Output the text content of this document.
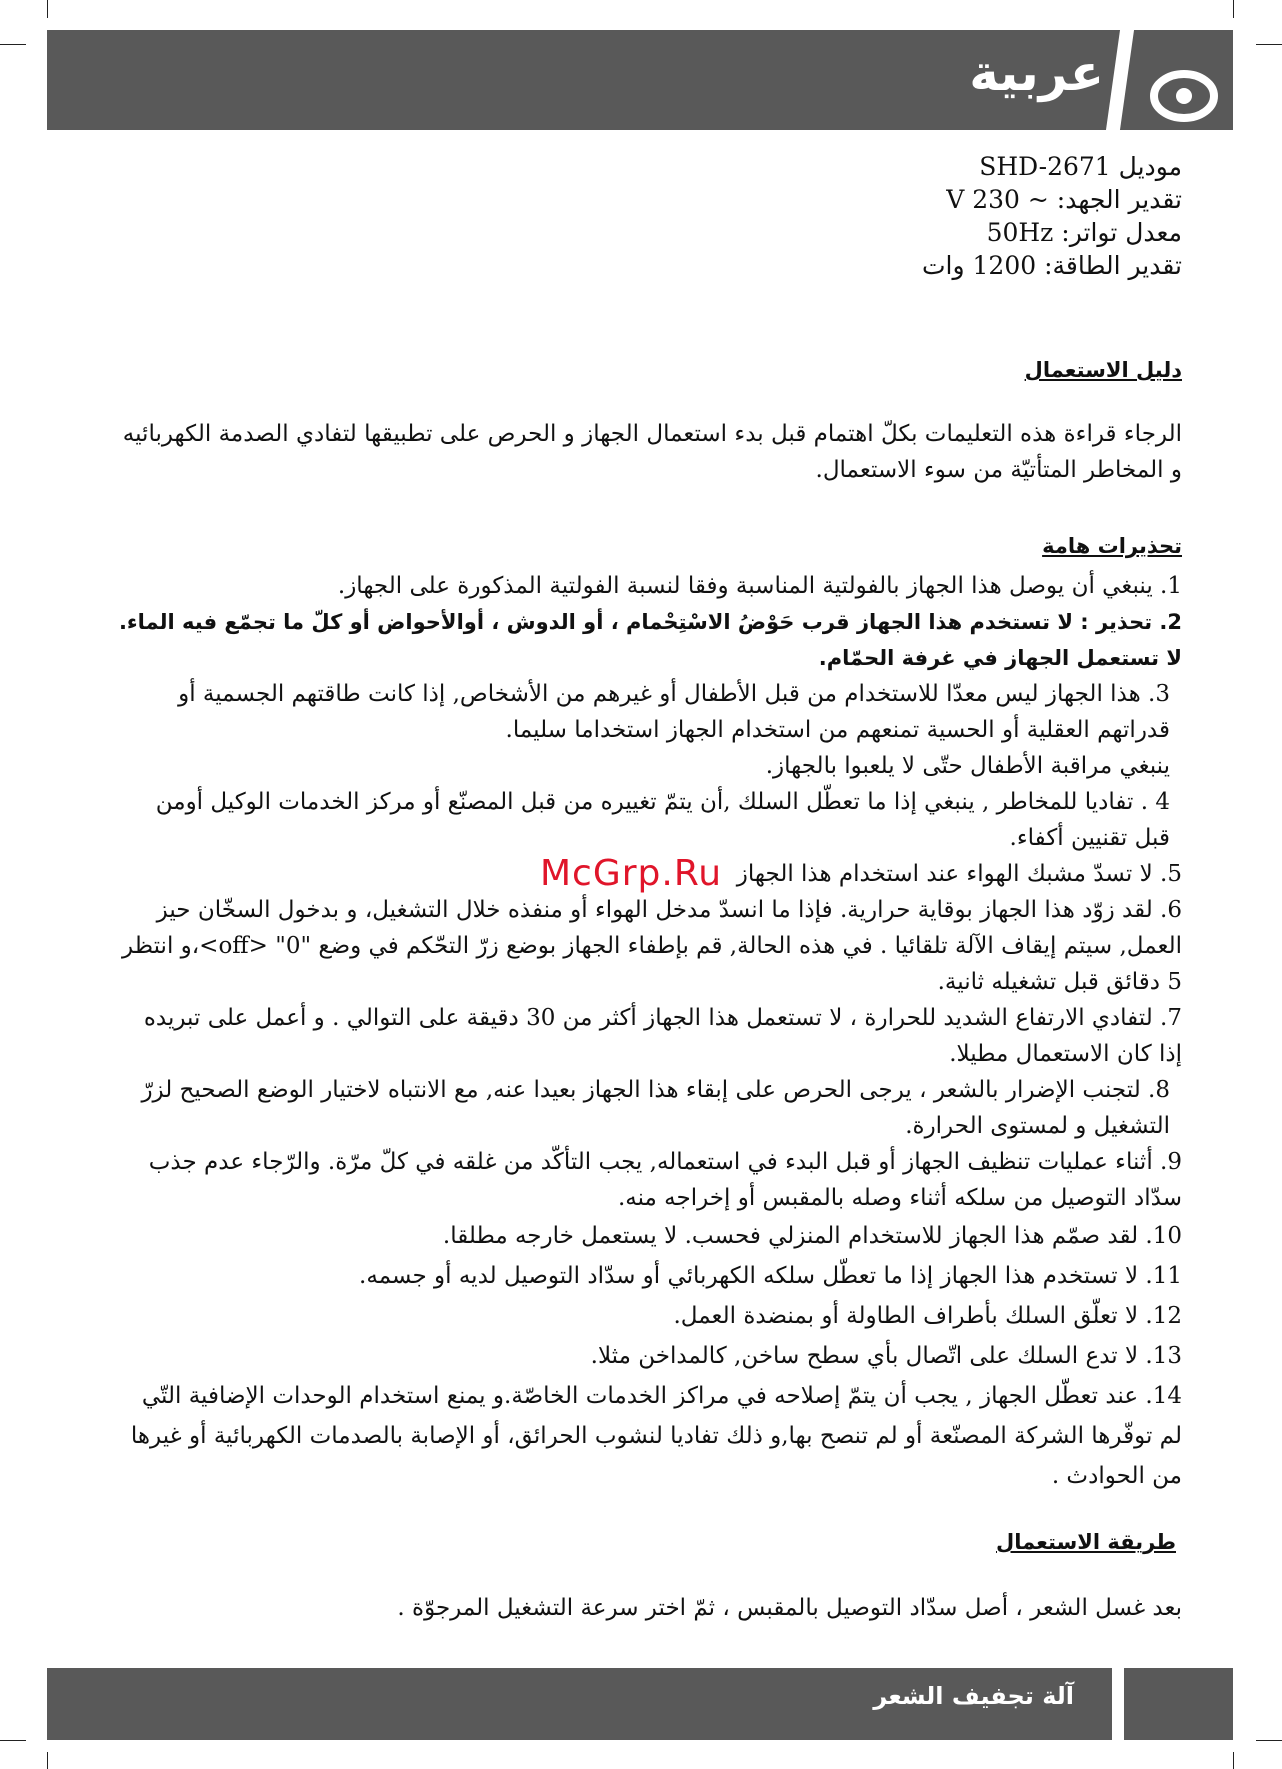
عربية
موديل SHD-2671
تقدير الجهد: ~ 230 V
معدل تواتر: 50Hz
تقدير الطاقة: 1200 وات

دليل الاستعمال

الرجاء قراءة هذه التعليمات بكلّ اهتمام قبل بدء استعمال الجهاز و الحرص على تطبيقها لتفادي الصدمة الكهربائيه و المخاطر المتأتيّة من سوء الاستعمال.

تحذيرات هامة

1. ينبغي أن يوصل هذا الجهاز بالفولتية المناسبة وفقا لنسبة الفولتية المذكورة على الجهاز.

2. تحذير : لا تستخدم هذا الجهاز قرب حَوْضُ الاسْتِحْمام ، أو الدوش ، أوالأحواض أو كلّ ما تجمّع فيه الماء. لا تستعمل الجهاز في غرفة الحمّام.

3. هذا الجهاز ليس معدّا للاستخدام من قبل الأطفال أو غيرهم من الأشخاص, إذا كانت طاقتهم الجسمية أو قدراتهم العقلية أو الحسية تمنعهم من استخدام الجهاز استخداما سليما.

ينبغي مراقبة الأطفال حتّى لا يلعبوا بالجهاز.

4 . تفاديا للمخاطر , ينبغي إذا ما تعطّل السلك ,أن يتمّ تغييره من قبل المصنّع أو مركز الخدمات الوكيل أومن قبل تقنيين أكفاء.

5. لا تسدّ مشبك الهواء عند استخدام هذا الجهاز

6. لقد زوّد هذا الجهاز بوقاية حرارية. فإذا ما انسدّ مدخل الهواء أو منفذه خلال التشغيل، و بدخول السخّان حيز العمل, سيتم إيقاف الآلة تلقائيا . في هذه الحالة, قم بإطفاء الجهاز بوضع زرّ التحّكم في وضع "0" <off>،و انتظر 5 دقائق قبل تشغيله ثانية.

7. لتفادي الارتفاع الشديد للحرارة ، لا تستعمل هذا الجهاز أكثر من 30 دقيقة على التوالي . و أعمل على تبريده إذا كان الاستعمال مطيلا.

8. لتجنب الإضرار بالشعر ، يرجى الحرص على إبقاء هذا الجهاز بعيدا عنه, مع الانتباه لاختيار الوضع الصحيح لزرّ التشغيل و لمستوى الحرارة.

9. أثناء عمليات تنظيف الجهاز أو قبل البدء في استعماله, يجب التأكّد من غلقه في كلّ مرّة. والرّجاء عدم جذب سدّاد التوصيل من سلكه أثناء وصله بالمقبس أو إخراجه منه.

10. لقد صمّم هذا الجهاز للاستخدام المنزلي فحسب. لا يستعمل خارجه مطلقا.

11. لا تستخدم هذا الجهاز إذا ما تعطّل سلكه الكهربائي أو سدّاد التوصيل لديه أو جسمه.

12. لا تعلّق السلك بأطراف الطاولة أو بمنضدة العمل.

13. لا تدع السلك على اتّصال بأي سطح ساخن, كالمداخن مثلا.

14. عند تعطّل الجهاز , يجب أن يتمّ إصلاحه في مراكز الخدمات الخاصّة.و يمنع استخدام الوحدات الإضافية التّي لم توفّرها الشركة المصنّعة أو لم تنصح بها,و ذلك تفاديا لنشوب الحرائق، أو الإصابة بالصدمات الكهربائية أو غيرها من الحوادث .

طريقة الاستعمال

بعد غسل الشعر ، أصل سدّاد التوصيل بالمقبس ، ثمّ اختر سرعة التشغيل المرجوّة .

McGrp.Ru
آلة تجفيف الشعر
